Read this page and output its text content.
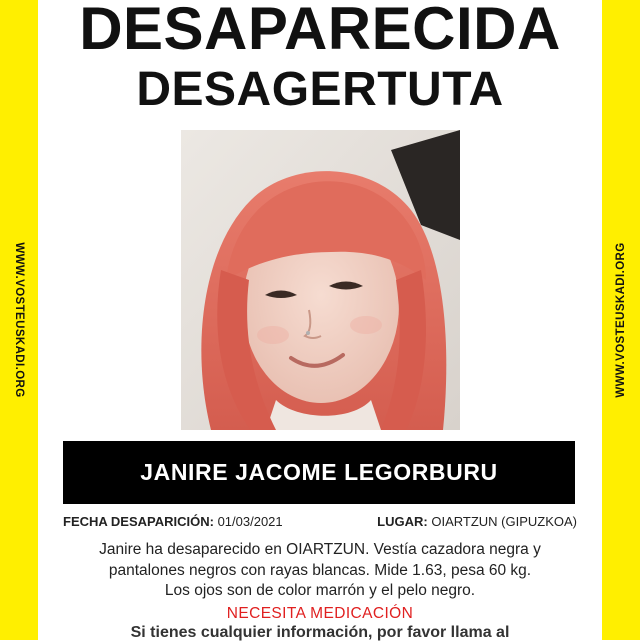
WWW.VOSTEUSKADI.ORG	WWW.VOSTEUSKADI.ORG
DESAPARECIDA
DESAGERTUTA
JANIRE JACOME LEGORBURU
FECHA DESAPARICIÓN: 01/03/2021	LUGAR: OIARTZUN (GIPUZKOA)
Janire ha desaparecido en OIARTZUN. Vestía cazadora negra y
pantalones negros con rayas blancas. Mide 1.63, pesa 60 kg.
Los ojos son de color marrón y el pelo negro.
NECESITA MEDICACIÓN
Si tienes cualquier información, por favor llama al
